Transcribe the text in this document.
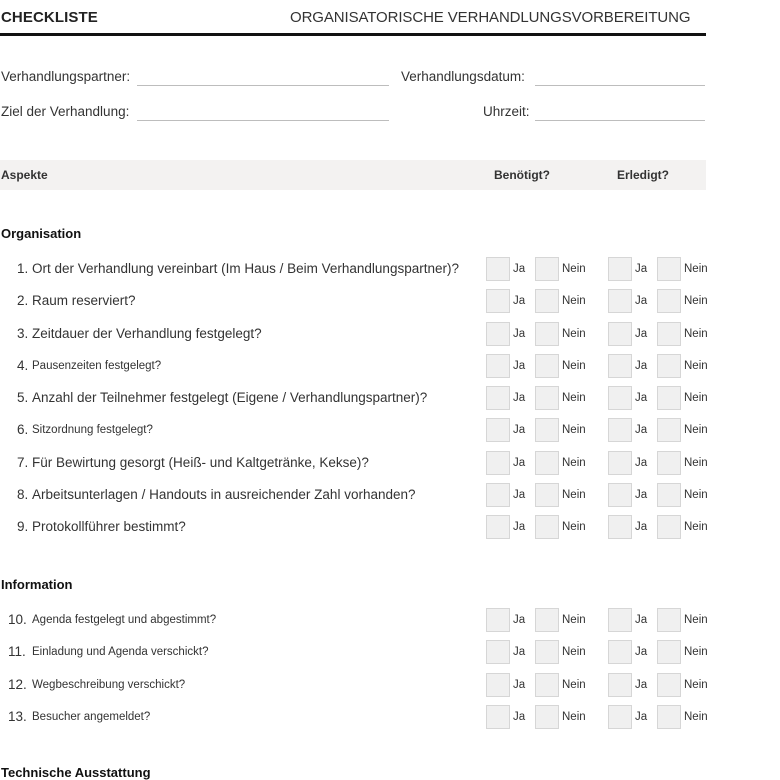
CHECKLISTE	ORGANISATORISCHE VERHANDLUNGSVORBEREITUNG
Verhandlungspartner:	Verhandlungsdatum:
Ziel der Verhandlung:	Uhrzeit:
Aspekte	Benötigt?	Erledigt?
Organisation
1. Ort der Verhandlung vereinbart (Im Haus / Beim Verhandlungspartner)?	Ja	Nein	Ja	Nein
2. Raum reserviert?	Ja	Nein	Ja	Nein
3. Zeitdauer der Verhandlung festgelegt?	Ja	Nein	Ja	Nein
4. Pausenzeiten festgelegt?	Ja	Nein	Ja	Nein
5. Anzahl der Teilnehmer festgelegt (Eigene / Verhandlungspartner)?	Ja	Nein	Ja	Nein
6. Sitzordnung festgelegt?	Ja	Nein	Ja	Nein
7. Für Bewirtung gesorgt (Heiß- und Kaltgetränke, Kekse)?	Ja	Nein	Ja	Nein
8. Arbeitsunterlagen / Handouts in ausreichender Zahl vorhanden?	Ja	Nein	Ja	Nein
9. Protokollführer bestimmt?	Ja	Nein	Ja	Nein
Information
10. Agenda festgelegt und abgestimmt?	Ja	Nein	Ja	Nein
11. Einladung und Agenda verschickt?	Ja	Nein	Ja	Nein
12. Wegbeschreibung verschickt?	Ja	Nein	Ja	Nein
13. Besucher angemeldet?	Ja	Nein	Ja	Nein
Technische Ausstattung
